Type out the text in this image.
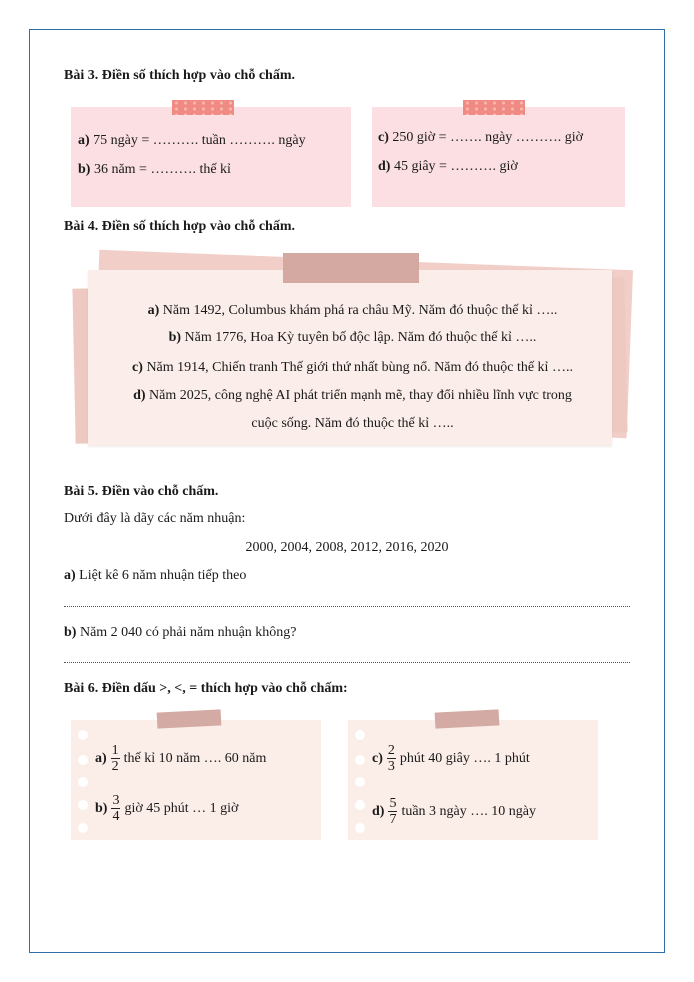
Bài 3. Điền số thích hợp vào chỗ chấm.
a) 75 ngày = ………. tuần ………. ngày
b) 36 năm = ………. thế kỉ
c) 250 giờ = ……. ngày ………. giờ
d) 45 giây = ………. giờ
Bài 4. Điền số thích hợp vào chỗ chấm.
a) Năm 1492, Columbus khám phá ra châu Mỹ. Năm đó thuộc thế kỉ …..
b) Năm 1776, Hoa Kỳ tuyên bố độc lập. Năm đó thuộc thế kỉ …..
c) Năm 1914, Chiến tranh Thế giới thứ nhất bùng nổ. Năm đó thuộc thế kỉ …..
d) Năm 2025, công nghệ AI phát triển mạnh mẽ, thay đổi nhiều lĩnh vực trong
cuộc sống. Năm đó thuộc thế kỉ …..
Bài 5. Điền vào chỗ chấm.
Dưới đây là dãy các năm nhuận:
2000, 2004, 2008, 2012, 2016, 2020
a) Liệt kê 6 năm nhuận tiếp theo
b) Năm 2 040 có phải năm nhuận không?
Bài 6. Điền dấu >, <, = thích hợp vào chỗ chấm:
$a) \frac{1}{2}$ thế kỉ 10 năm …. 60 năm
$b) \frac{3}{4}$ giờ 45 phút … 1 giờ
$c) \frac{2}{3}$ phút 40 giây …. 1 phút
$d) \frac{5}{7}$ tuần 3 ngày …. 10 ngày
